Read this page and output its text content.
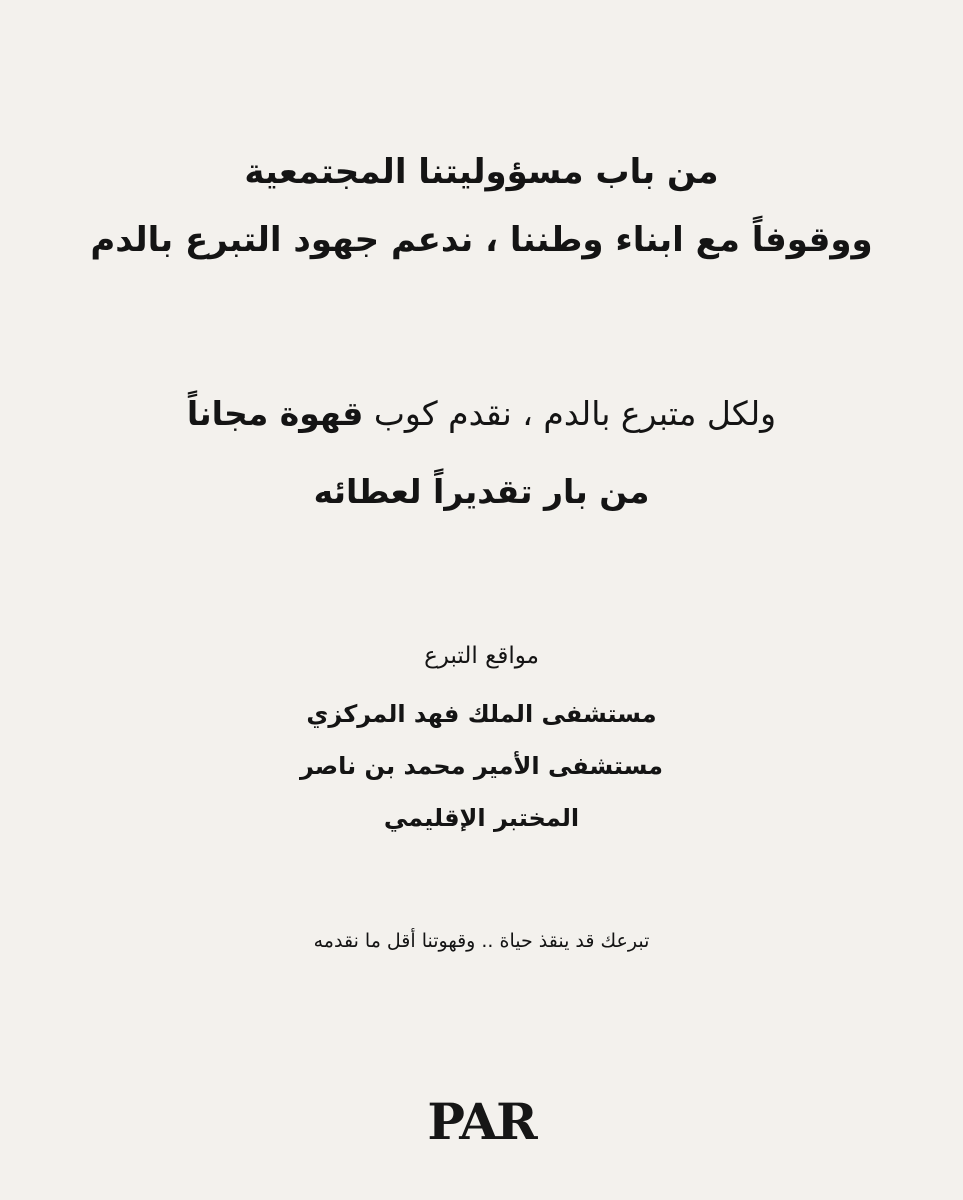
من باب مسؤوليتنا المجتمعية
ووقوفاً مع ابناء وطننا ، ندعم جهود التبرع بالدم
ولكل متبرع بالدم ، نقدم كوب قهوة مجاناً
من بار تقديراً لعطائه
مواقع التبرع
مستشفى الملك فهد المركزي
مستشفى الأمير محمد بن ناصر
المختبر الإقليمي
تبرعك قد ينقذ حياة .. وقهوتنا أقل ما نقدمه
PAR
